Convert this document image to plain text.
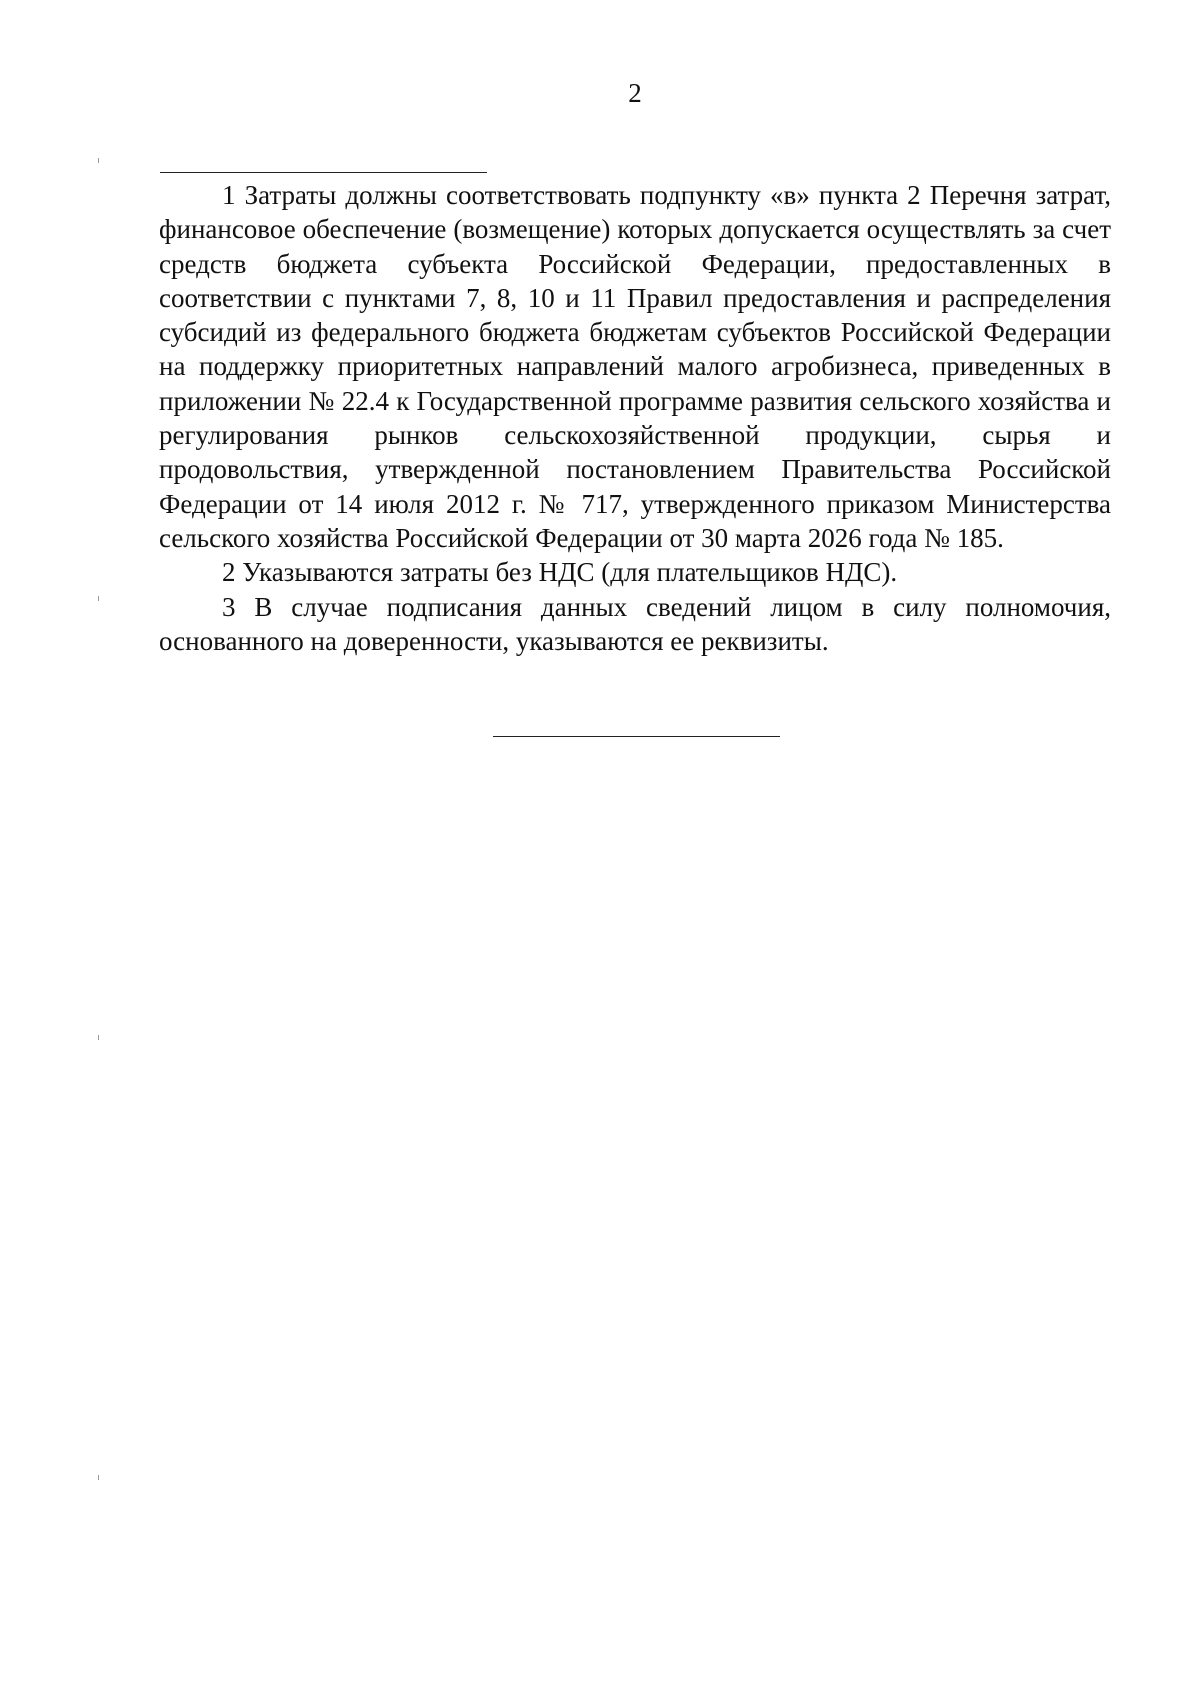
2

1 Затраты должны соответствовать подпункту «в» пункта 2 Перечня затрат, финансовое обеспечение (возмещение) которых допускается осуществлять за счет средств бюджета субъекта Российской Федерации, предоставленных в соответствии с пунктами 7, 8, 10 и 11 Правил предоставления и распределения субсидий из федерального бюджета бюджетам субъектов Российской Федерации на поддержку приоритетных направлений малого агробизнеса, приведенных в приложении № 22.4 к Государственной программе развития сельского хозяйства и регулирования рынков сельскохозяйственной продукции, сырья и продовольствия, утвержденной постановлением Правительства Российской Федерации от 14 июля 2012 г. № 717, утвержденного приказом Министерства сельского хозяйства Российской Федерации от 30 марта 2026 года № 185.

2 Указываются затраты без НДС (для плательщиков НДС).

3 В случае подписания данных сведений лицом в силу полномочия, основанного на доверенности, указываются ее реквизиты.
